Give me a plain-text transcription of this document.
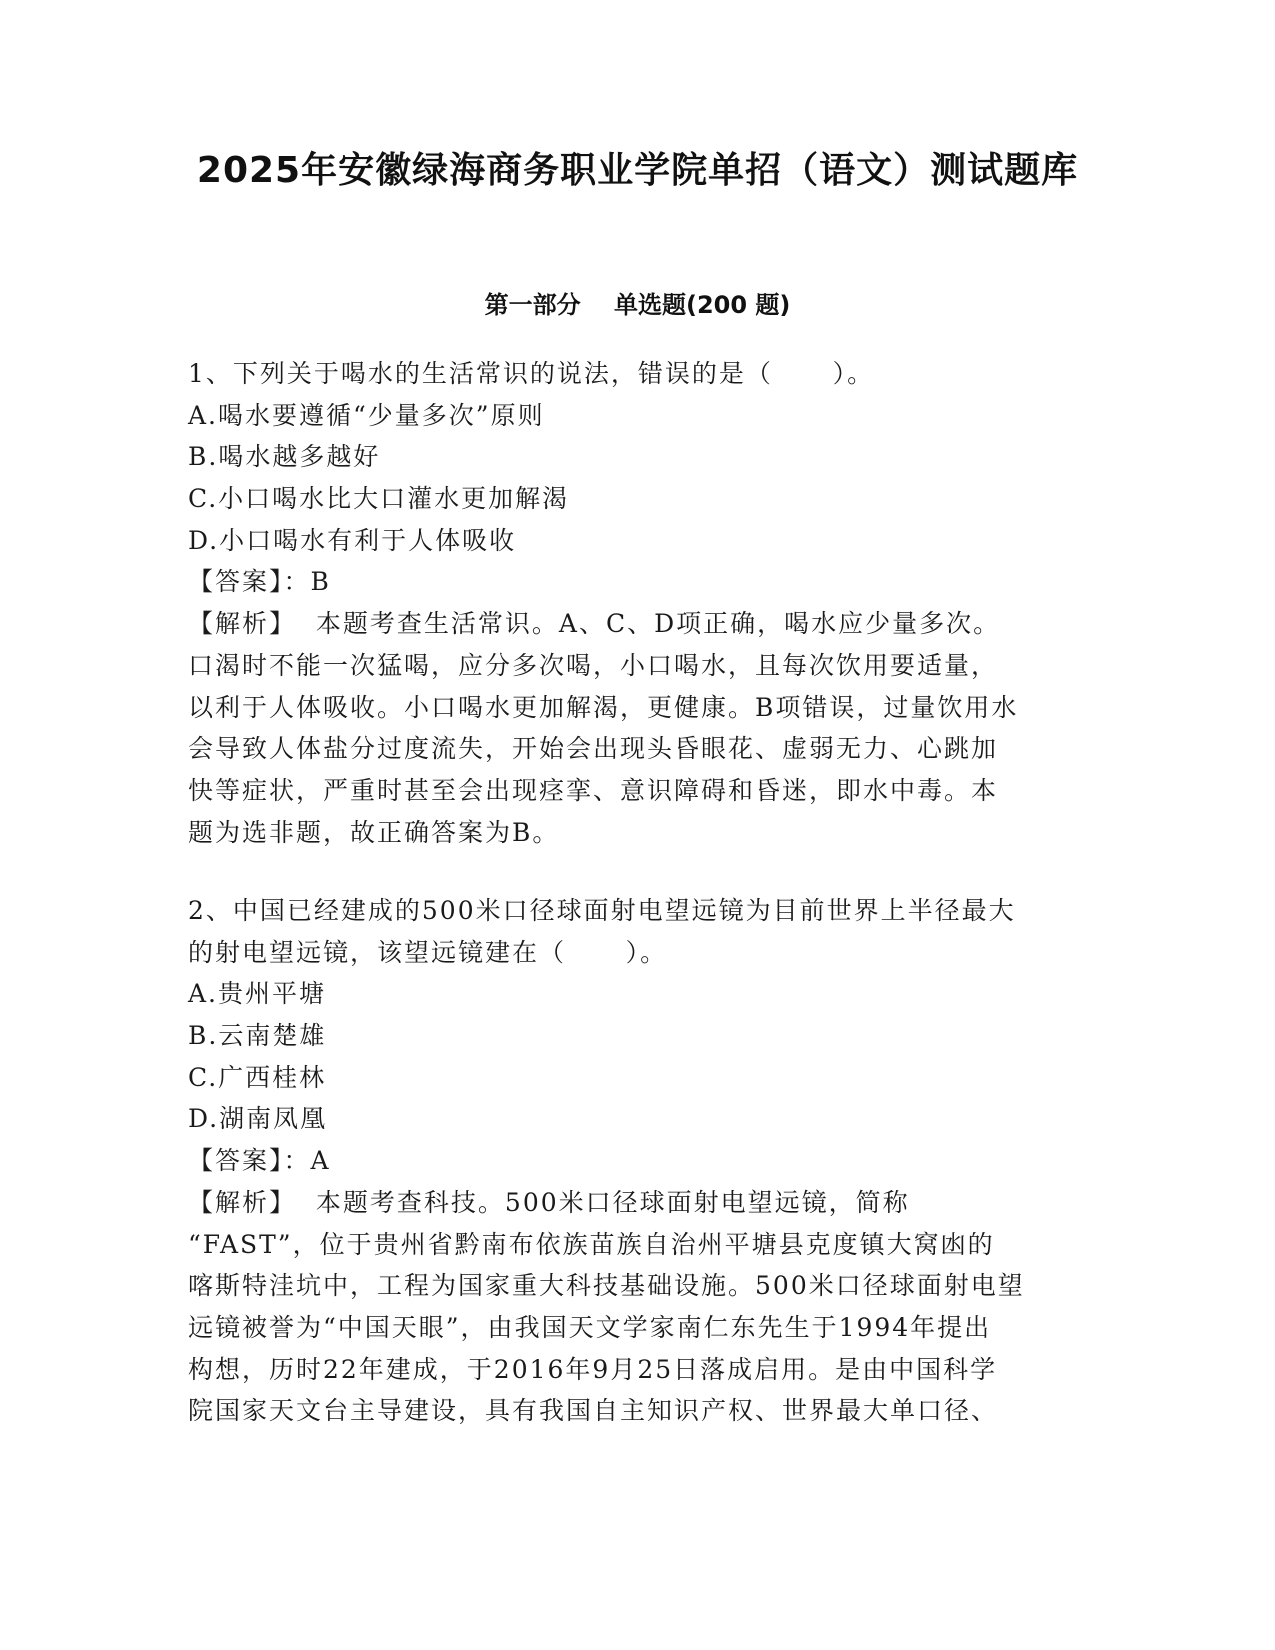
2025年安徽绿海商务职业学院单招（语文）测试题库
第一部分    单选题(200 题)
1、下列关于喝水的生活常识的说法，错误的是（      ）。
A.喝水要遵循“少量多次”原则
B.喝水越多越好
C.小口喝水比大口灌水更加解渴
D.小口喝水有利于人体吸收
【答案】：B
【解析】  本题考查生活常识。A、C、D项正确，喝水应少量多次。
口渴时不能一次猛喝，应分多次喝，小口喝水，且每次饮用要适量，
以利于人体吸收。小口喝水更加解渴，更健康。B项错误，过量饮用水
会导致人体盐分过度流失，开始会出现头昏眼花、虚弱无力、心跳加
快等症状，严重时甚至会出现痉挛、意识障碍和昏迷，即水中毒。本
题为选非题，故正确答案为B。
2、中国已经建成的500米口径球面射电望远镜为目前世界上半径最大
的射电望远镜，该望远镜建在（      ）。
A.贵州平塘
B.云南楚雄
C.广西桂林
D.湖南凤凰
【答案】：A
【解析】  本题考查科技。500米口径球面射电望远镜，简称
“FAST”，位于贵州省黔南布依族苗族自治州平塘县克度镇大窝凼的
喀斯特洼坑中，工程为国家重大科技基础设施。500米口径球面射电望
远镜被誉为“中国天眼”，由我国天文学家南仁东先生于1994年提出
构想，历时22年建成，于2016年9月25日落成启用。是由中国科学
院国家天文台主导建设，具有我国自主知识产权、世界最大单口径、
